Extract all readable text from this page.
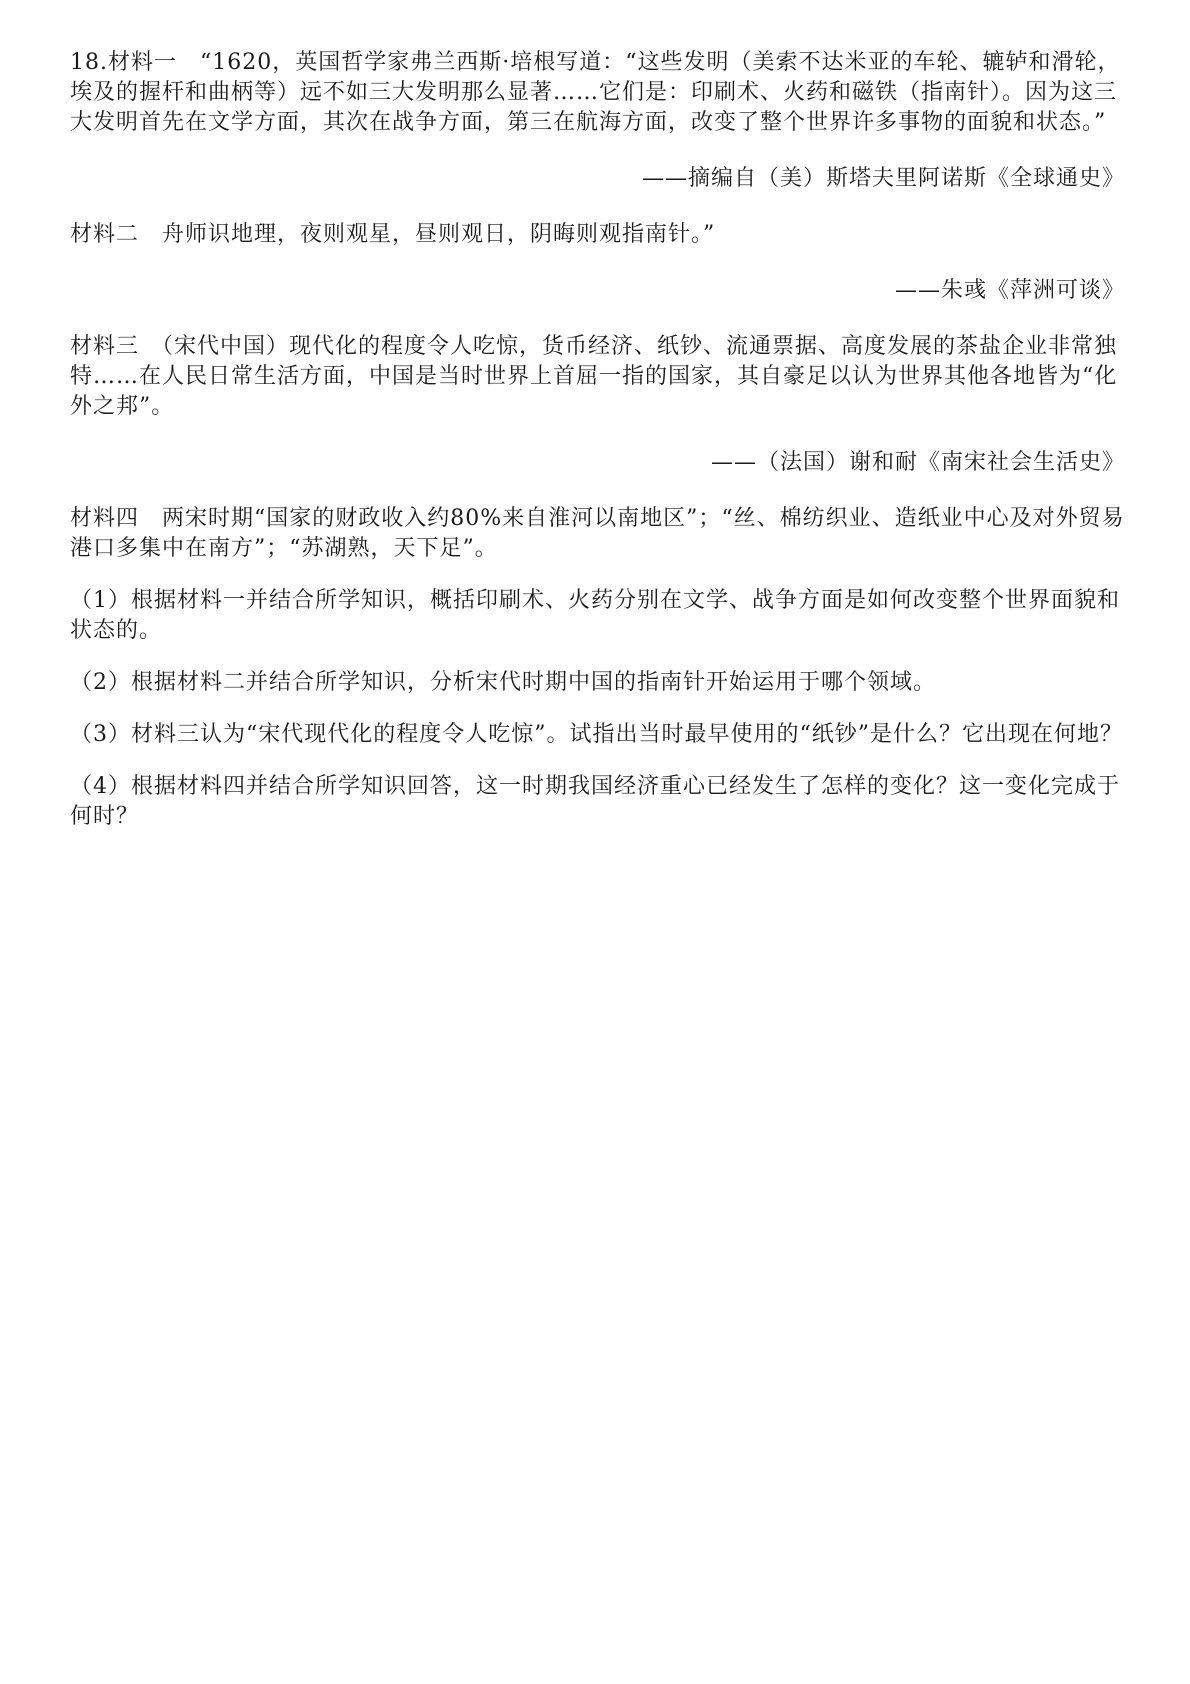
18.材料一　“1620，英国哲学家弗兰西斯·培根写道：“这些发明（美索不达米亚的车轮、辘轳和滑轮，埃及的握杆和曲柄等）远不如三大发明那么显著……它们是：印刷术、火药和磁铁（指南针）。因为这三大发明首先在文学方面，其次在战争方面，第三在航海方面，改变了整个世界许多事物的面貌和状态。”

——摘编自（美）斯塔夫里阿诺斯《全球通史》

材料二　舟师识地理，夜则观星，昼则观日，阴晦则观指南针。”

——朱彧《萍洲可谈》

材料三　（宋代中国）现代化的程度令人吃惊，货币经济、纸钞、流通票据、高度发展的茶盐企业非常独特……在人民日常生活方面，中国是当时世界上首屈一指的国家，其自豪足以认为世界其他各地皆为“化外之邦”。

——（法国）谢和耐《南宋社会生活史》

材料四　两宋时期“国家的财政收入约80%来自淮河以南地区”；“丝、棉纺织业、造纸业中心及对外贸易港口多集中在南方”；“苏湖熟，天下足”。

（1）根据材料一并结合所学知识，概括印刷术、火药分别在文学、战争方面是如何改变整个世界面貌和状态的。

（2）根据材料二并结合所学知识，分析宋代时期中国的指南针开始运用于哪个领域。

（3）材料三认为“宋代现代化的程度令人吃惊”。试指出当时最早使用的“纸钞”是什么？它出现在何地？

（4）根据材料四并结合所学知识回答，这一时期我国经济重心已经发生了怎样的变化？这一变化完成于何时？
